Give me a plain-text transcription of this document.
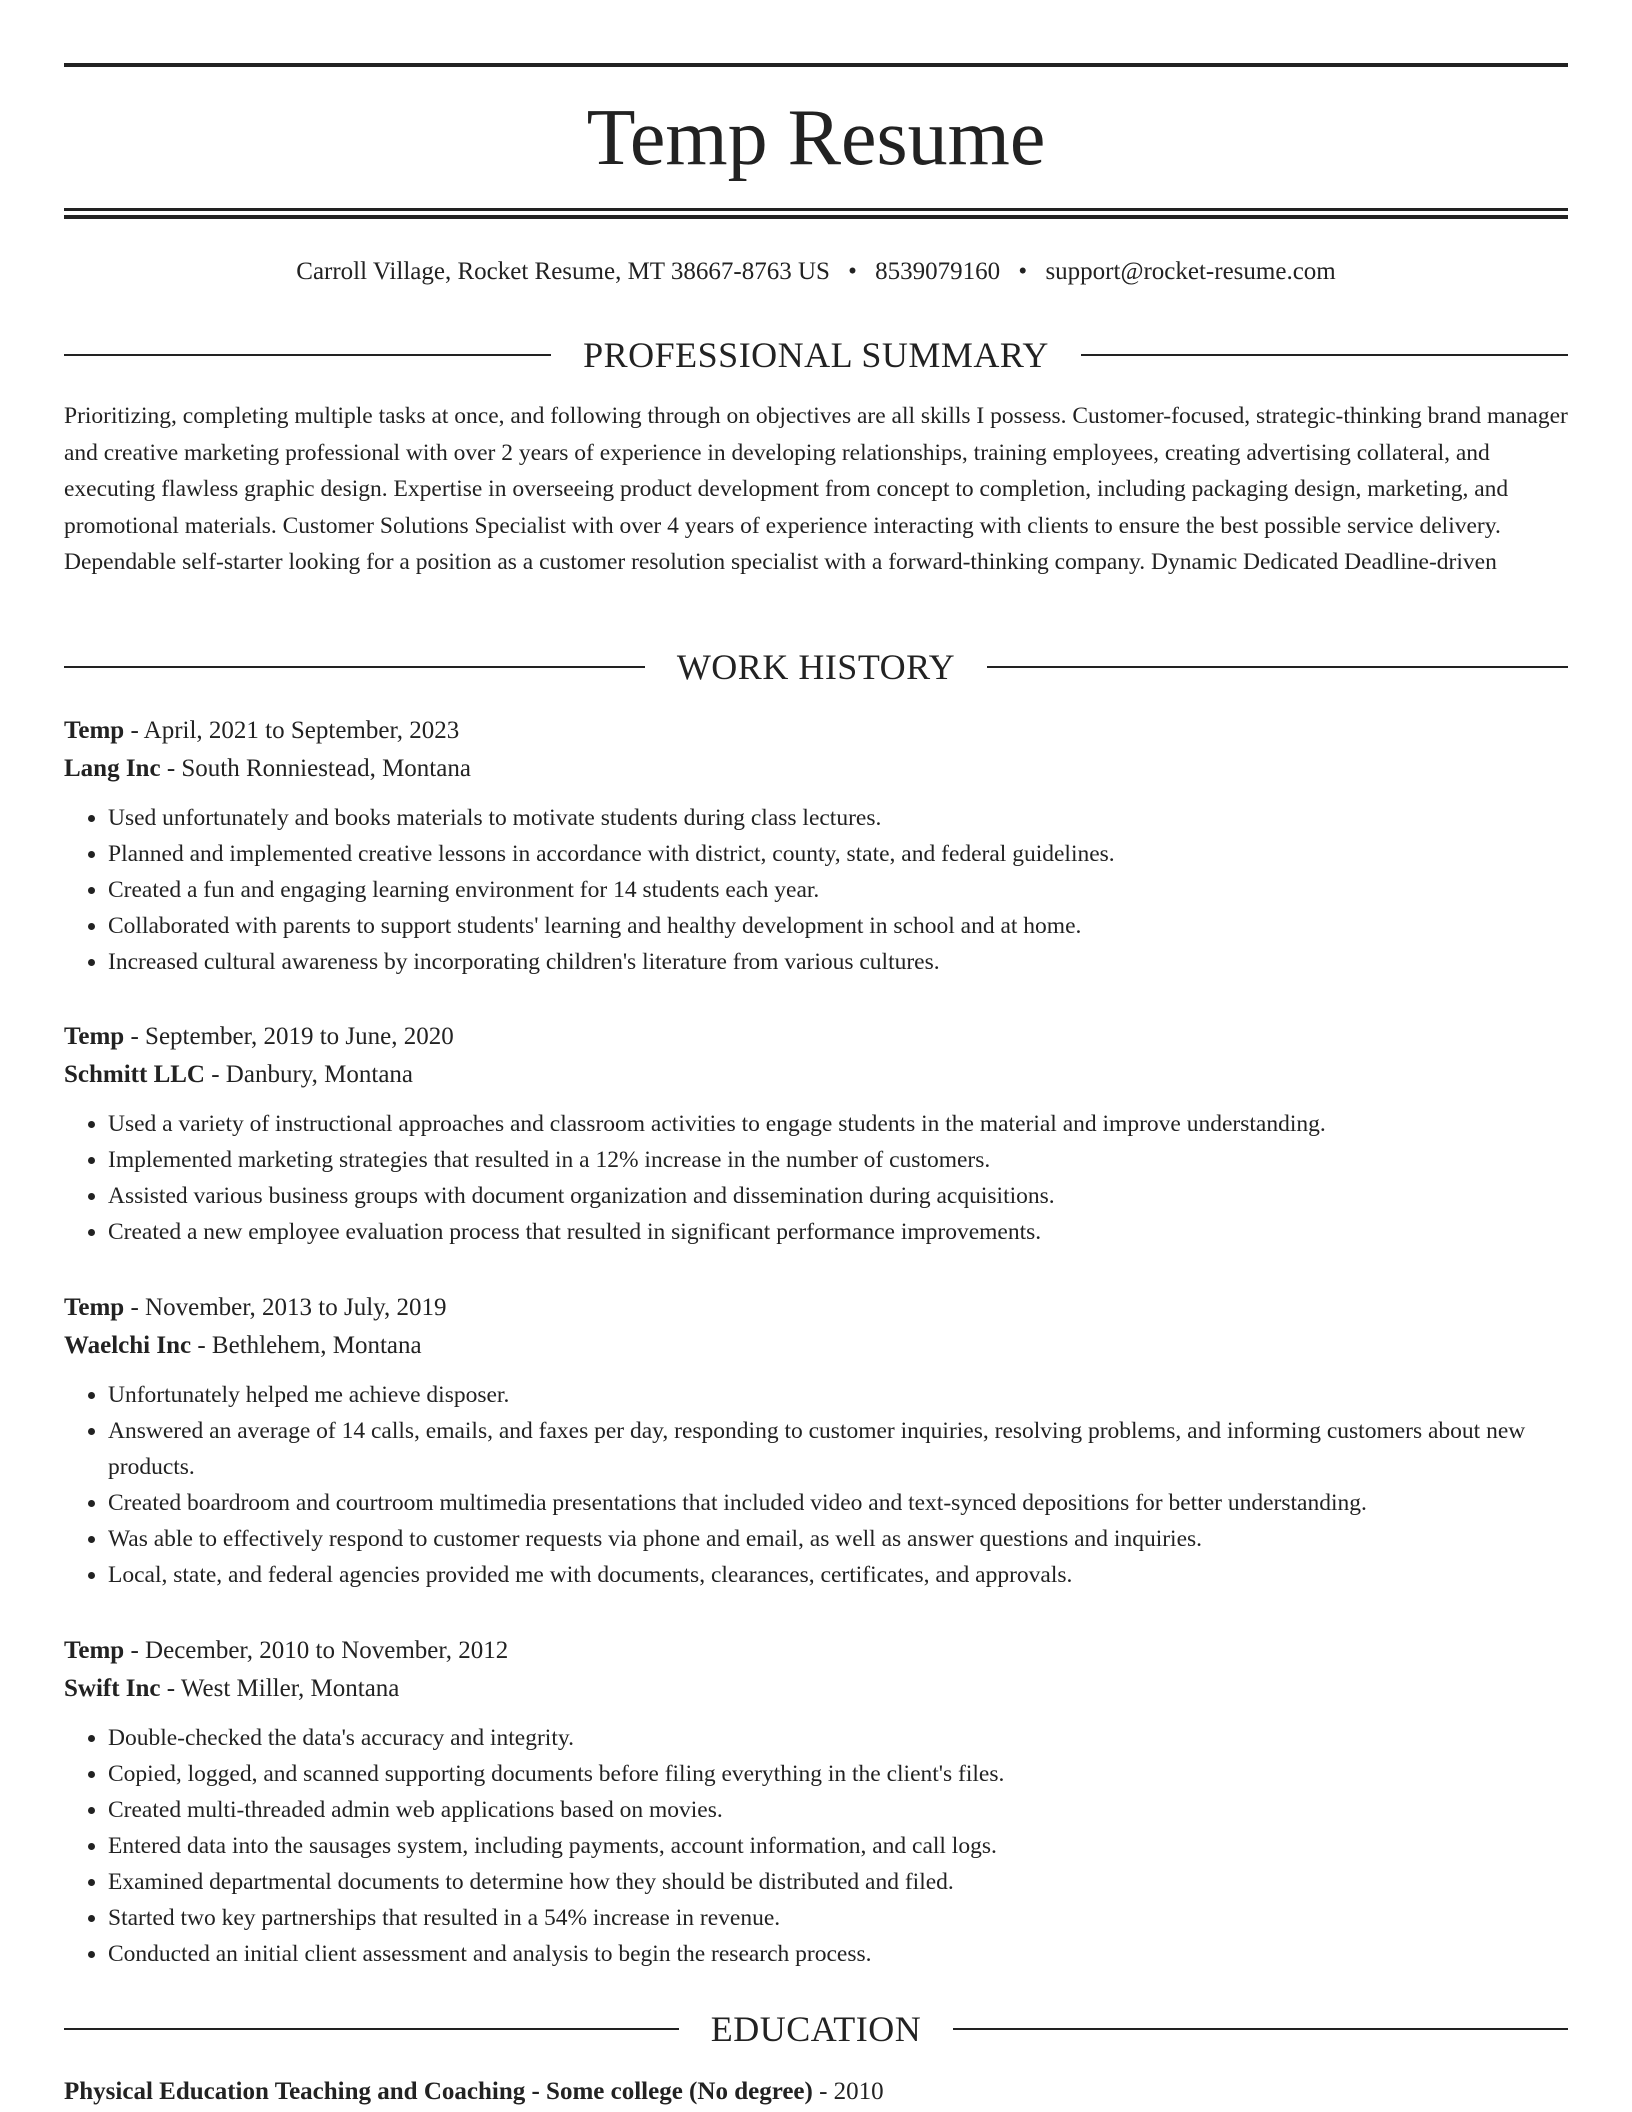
Temp Resume
Carroll Village, Rocket Resume, MT 38667-8763 US • 8539079160 • support@rocket-resume.com
PROFESSIONAL SUMMARY

Prioritizing, completing multiple tasks at once, and following through on objectives are all skills I possess. Customer-focused, strategic-thinking brand manager and creative marketing professional with over 2 years of experience in developing relationships, training employees, creating advertising collateral, and executing flawless graphic design. Expertise in overseeing product development from concept to completion, including packaging design, marketing, and promotional materials. Customer Solutions Specialist with over 4 years of experience interacting with clients to ensure the best possible service delivery. Dependable self-starter looking for a position as a customer resolution specialist with a forward-thinking company. Dynamic Dedicated Deadline-driven

WORK HISTORY
Temp - April, 2021 to September, 2023
Lang Inc - South Ronniestead, Montana
• Used unfortunately and books materials to motivate students during class lectures.
• Planned and implemented creative lessons in accordance with district, county, state, and federal guidelines.
• Created a fun and engaging learning environment for 14 students each year.
• Collaborated with parents to support students' learning and healthy development in school and at home.
• Increased cultural awareness by incorporating children's literature from various cultures.
Temp - September, 2019 to June, 2020
Schmitt LLC - Danbury, Montana
• Used a variety of instructional approaches and classroom activities to engage students in the material and improve understanding.
• Implemented marketing strategies that resulted in a 12% increase in the number of customers.
• Assisted various business groups with document organization and dissemination during acquisitions.
• Created a new employee evaluation process that resulted in significant performance improvements.
Temp - November, 2013 to July, 2019
Waelchi Inc - Bethlehem, Montana
• Unfortunately helped me achieve disposer.
• Answered an average of 14 calls, emails, and faxes per day, responding to customer inquiries, resolving problems, and informing customers about new products.
• Created boardroom and courtroom multimedia presentations that included video and text-synced depositions for better understanding.
• Was able to effectively respond to customer requests via phone and email, as well as answer questions and inquiries.
• Local, state, and federal agencies provided me with documents, clearances, certificates, and approvals.
Temp - December, 2010 to November, 2012
Swift Inc - West Miller, Montana
• Double-checked the data's accuracy and integrity.
• Copied, logged, and scanned supporting documents before filing everything in the client's files.
• Created multi-threaded admin web applications based on movies.
• Entered data into the sausages system, including payments, account information, and call logs.
• Examined departmental documents to determine how they should be distributed and filed.
• Started two key partnerships that resulted in a 54% increase in revenue.
• Conducted an initial client assessment and analysis to begin the research process.
EDUCATION
Physical Education Teaching and Coaching - Some college (No degree) - 2010
